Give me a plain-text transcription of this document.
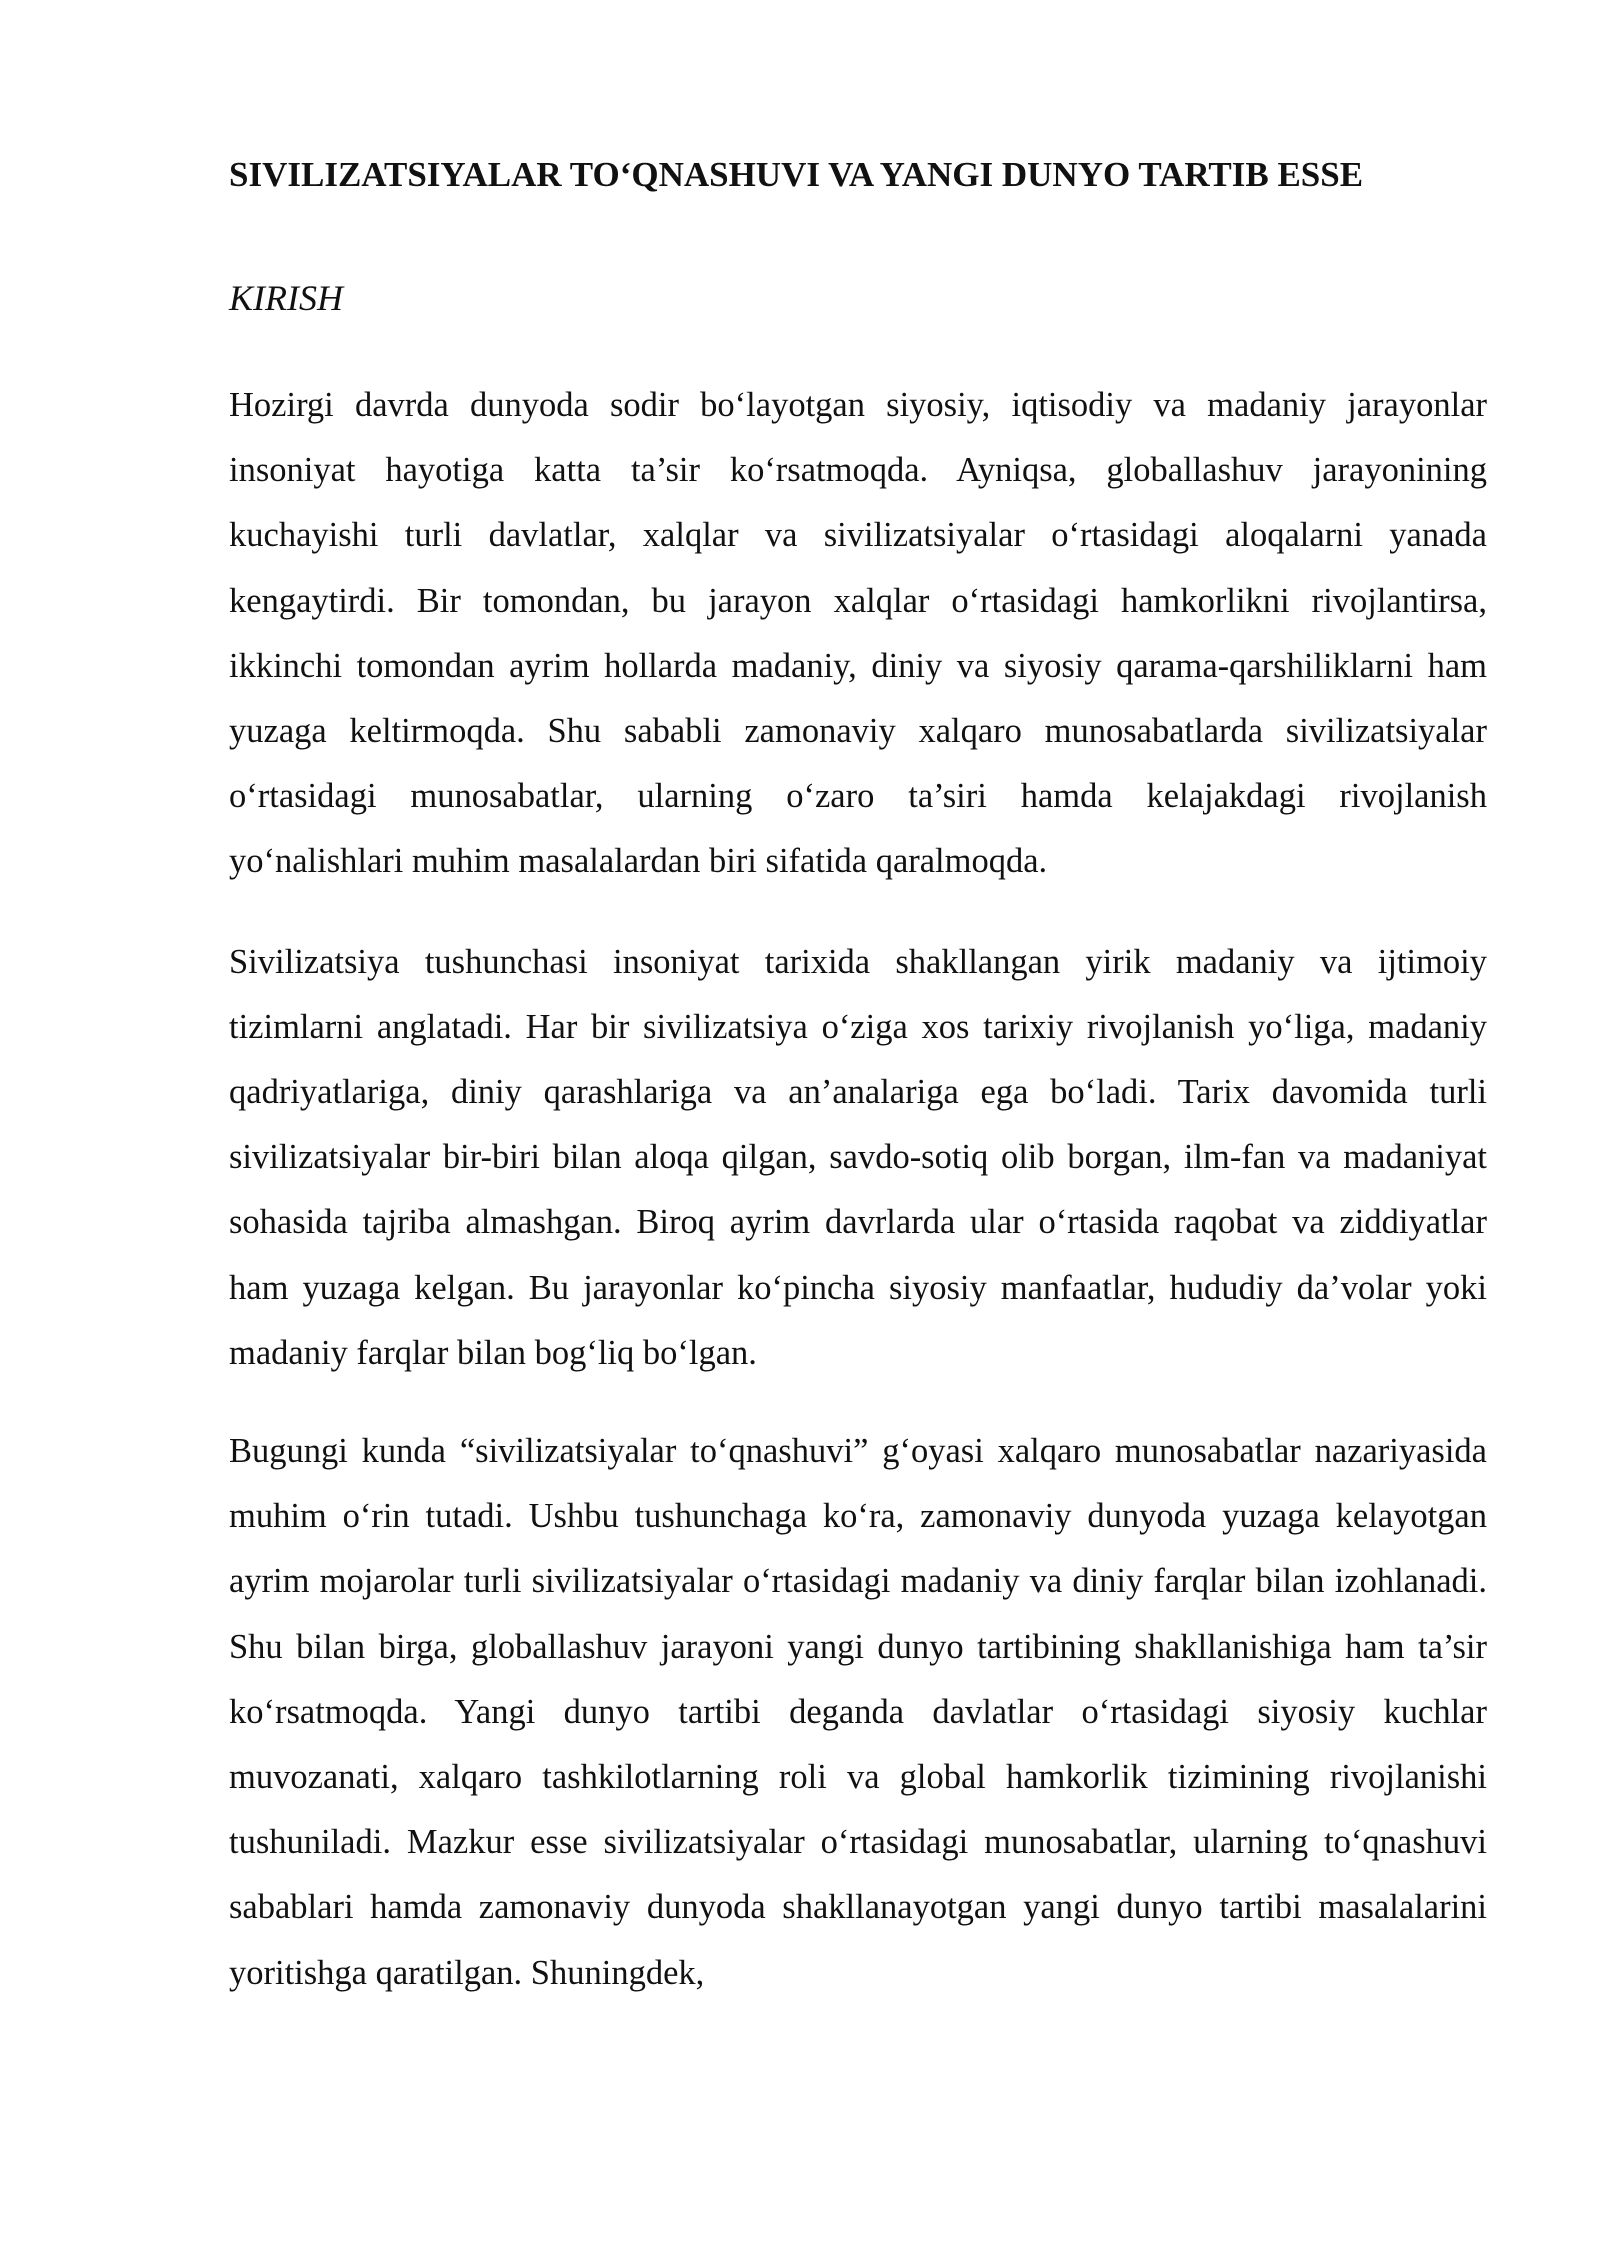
SIVILIZATSIYALAR TO‘QNASHUVI VA YANGI DUNYO TARTIB ESSE
KIRISH

Hozirgi davrda dunyoda sodir bo‘layotgan siyosiy, iqtisodiy va madaniy jarayonlar insoniyat hayotiga katta ta’sir ko‘rsatmoqda. Ayniqsa, globallashuv jarayonining kuchayishi turli davlatlar, xalqlar va sivilizatsiyalar o‘rtasidagi aloqalarni yanada kengaytirdi. Bir tomondan, bu jarayon xalqlar o‘rtasidagi hamkorlikni rivojlantirsa, ikkinchi tomondan ayrim hollarda madaniy, diniy va siyosiy qarama-qarshiliklarni ham yuzaga keltirmoqda. Shu sababli zamonaviy xalqaro munosabatlarda sivilizatsiyalar o‘rtasidagi munosabatlar, ularning o‘zaro ta’siri hamda kelajakdagi rivojlanish yo‘nalishlari muhim masalalardan biri sifatida qaralmoqda.

Sivilizatsiya tushunchasi insoniyat tarixida shakllangan yirik madaniy va ijtimoiy tizimlarni anglatadi. Har bir sivilizatsiya o‘ziga xos tarixiy rivojlanish yo‘liga, madaniy qadriyatlariga, diniy qarashlariga va an’analariga ega bo‘ladi. Tarix davomida turli sivilizatsiyalar bir-biri bilan aloqa qilgan, savdo-sotiq olib borgan, ilm-fan va madaniyat sohasida tajriba almashgan. Biroq ayrim davrlarda ular o‘rtasida raqobat va ziddiyatlar ham yuzaga kelgan. Bu jarayonlar ko‘pincha siyosiy manfaatlar, hududiy da’volar yoki madaniy farqlar bilan bog‘liq bo‘lgan.

Bugungi kunda “sivilizatsiyalar to‘qnashuvi” g‘oyasi xalqaro munosabatlar nazariyasida muhim o‘rin tutadi. Ushbu tushunchaga ko‘ra, zamonaviy dunyoda yuzaga kelayotgan ayrim mojarolar turli sivilizatsiyalar o‘rtasidagi madaniy va diniy farqlar bilan izohlanadi. Shu bilan birga, globallashuv jarayoni yangi dunyo tartibining shakllanishiga ham ta’sir ko‘rsatmoqda. Yangi dunyo tartibi deganda davlatlar o‘rtasidagi siyosiy kuchlar muvozanati, xalqaro tashkilotlarning roli va global hamkorlik tizimining rivojlanishi tushuniladi. Mazkur esse sivilizatsiyalar o‘rtasidagi munosabatlar, ularning to‘qnashuvi sabablari hamda zamonaviy dunyoda shakllanayotgan yangi dunyo tartibi masalalarini yoritishga qaratilgan. Shuningdek,
